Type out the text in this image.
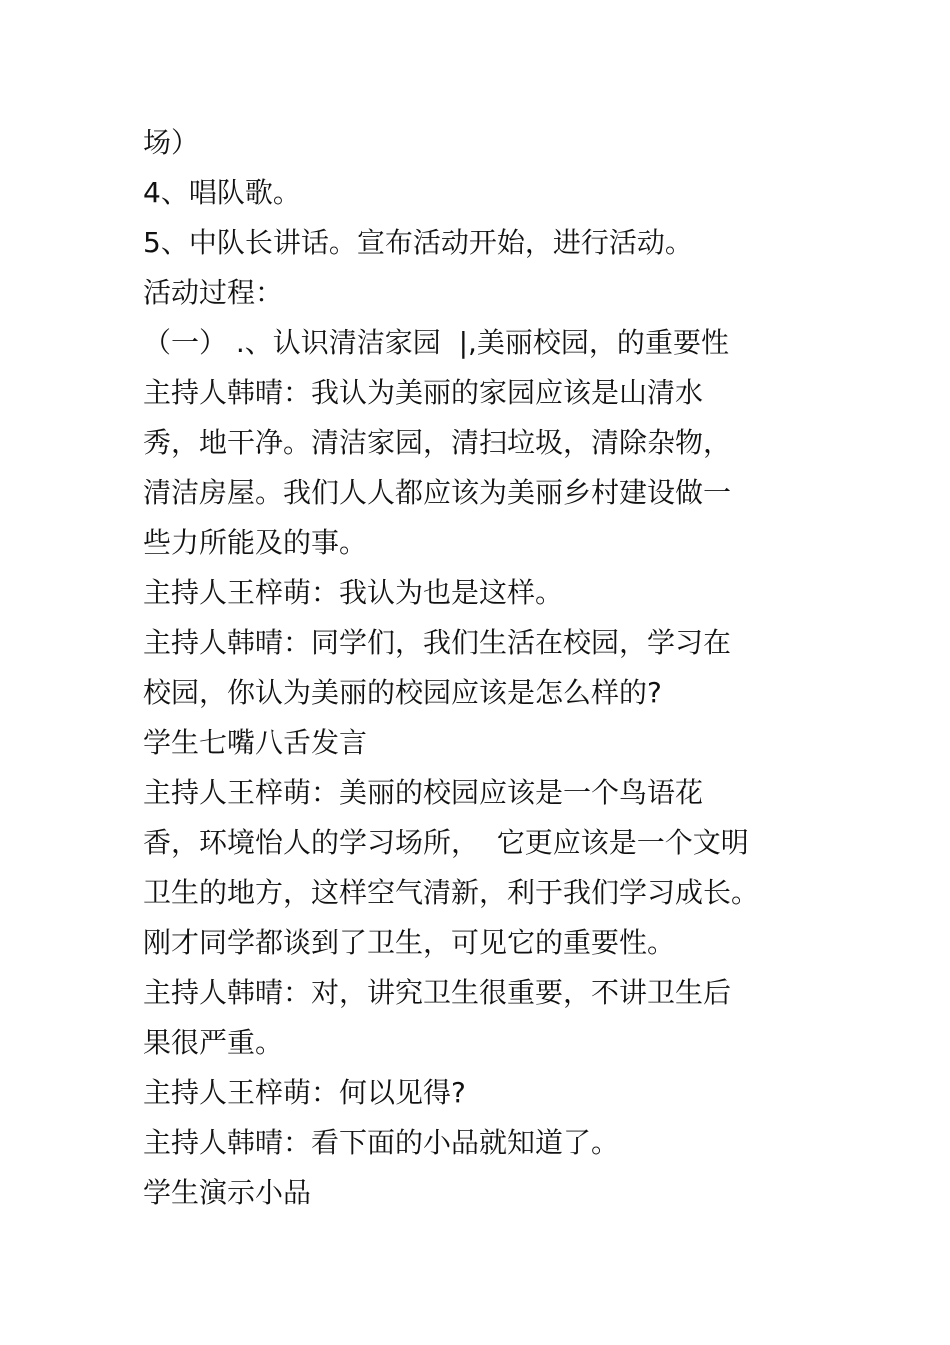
场）
4、唱队歌。
5、中队长讲话。宣布活动开始，进行活动。
活动过程：
（一） .、认识清洁家园  |,美丽校园，的重要性
主持人韩晴：我认为美丽的家园应该是山清水
秀，地干净。清洁家园，清扫垃圾，清除杂物，
清洁房屋。我们人人都应该为美丽乡村建设做一
些力所能及的事。
主持人王梓萌：我认为也是这样。
主持人韩晴：同学们，我们生活在校园，学习在
校园，你认为美丽的校园应该是怎么样的?
学生七嘴八舌发言
主持人王梓萌：美丽的校园应该是一个鸟语花
香，环境怡人的学习场所，  它更应该是一个文明
卫生的地方，这样空气清新，利于我们学习成长。
刚才同学都谈到了卫生，可见它的重要性。
主持人韩晴：对，讲究卫生很重要，不讲卫生后
果很严重。
主持人王梓萌：何以见得?
主持人韩晴：看下面的小品就知道了。
学生演示小品
